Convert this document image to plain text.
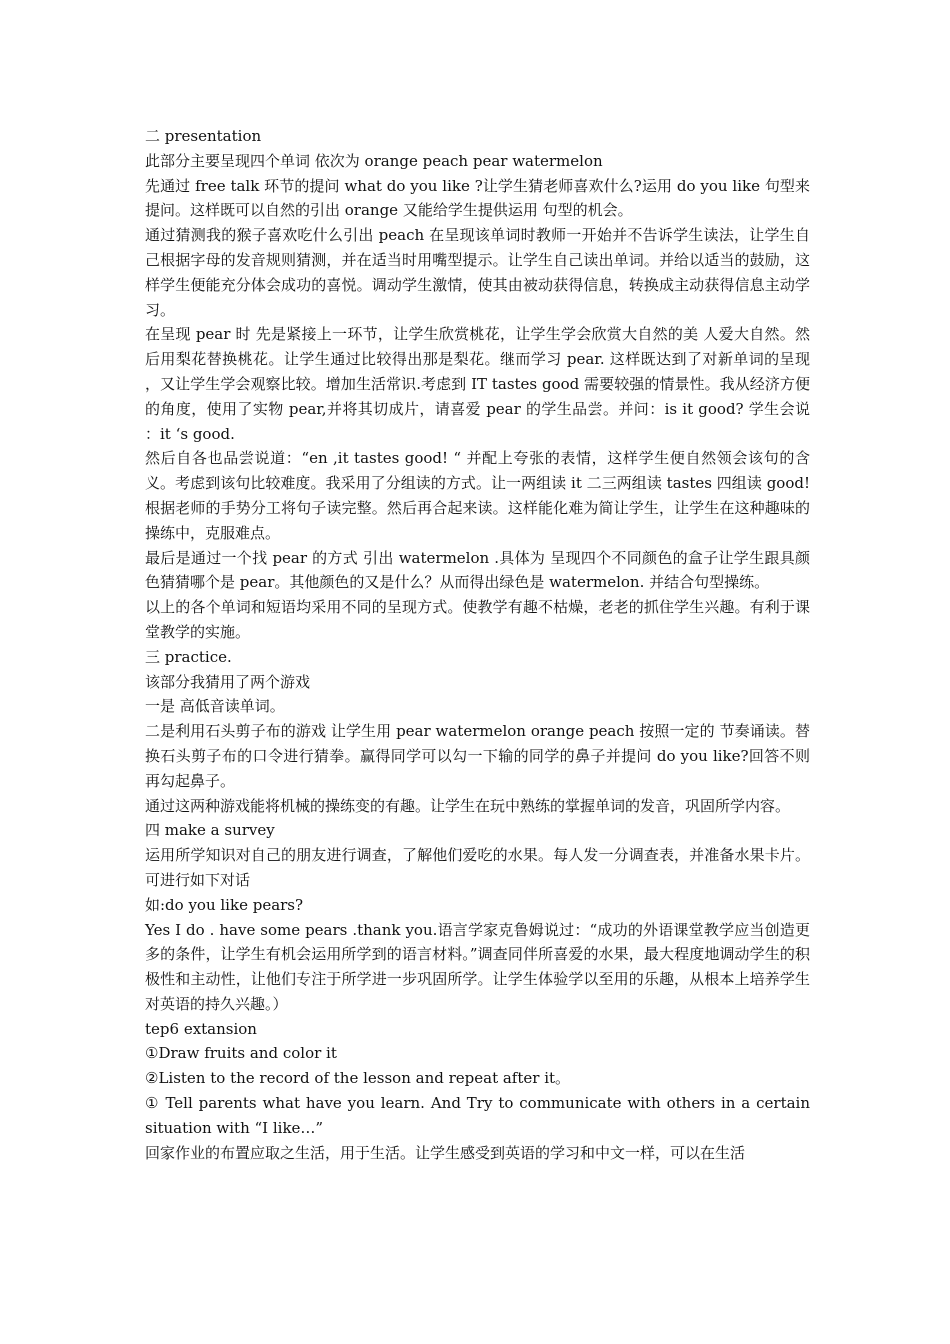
二 presentation

此部分主要呈现四个单词 依次为 orange peach pear watermelon

先通过 free talk 环节的提问 what do you like ?让学生猜老师喜欢什么?运用 do you like 句型来提问。这样既可以自然的引出 orange 又能给学生提供运用 句型的机会。

通过猜测我的猴子喜欢吃什么引出 peach 在呈现该单词时教师一开始并不告诉学生读法，让学生自己根据字母的发音规则猜测，并在适当时用嘴型提示。让学生自己读出单词。并给以适当的鼓励，这样学生便能充分体会成功的喜悦。调动学生激情，使其由被动获得信息，转换成主动获得信息主动学习。

在呈现 pear 时 先是紧接上一环节，让学生欣赏桃花，让学生学会欣赏大自然的美 人爱大自然。然后用梨花替换桃花。让学生通过比较得出那是梨花。继而学习 pear. 这样既达到了对新单词的呈现 ，又让学生学会观察比较。增加生活常识.考虑到 IT tastes good 需要较强的情景性。我从经济方便的角度，使用了实物 pear,并将其切成片，请喜爱 pear 的学生品尝。并问：is it good? 学生会说 ：it ‘s good.

然后自各也品尝说道：“en ,it tastes good! “ 并配上夸张的表情，这样学生便自然领会该句的含义。考虑到该句比较难度。我采用了分组读的方式。让一两组读 it 二三两组读 tastes 四组读 good! 根据老师的手势分工将句子读完整。然后再合起来读。这样能化难为简让学生，让学生在这种趣味的操练中，克服难点。

最后是通过一个找 pear 的方式 引出 watermelon .具体为 呈现四个不同颜色的盒子让学生跟具颜色猜猜哪个是 pear。其他颜色的又是什么？从而得出绿色是 watermelon. 并结合句型操练。

以上的各个单词和短语均采用不同的呈现方式。使教学有趣不枯燥，老老的抓住学生兴趣。有利于课堂教学的实施。

三 practice.

该部分我猜用了两个游戏

一是 高低音读单词。

二是利用石头剪子布的游戏 让学生用 pear watermelon orange peach 按照一定的 节奏诵读。替换石头剪子布的口令进行猜拳。赢得同学可以勾一下输的同学的鼻子并提问 do you like?回答不则 再勾起鼻子。

通过这两种游戏能将机械的操练变的有趣。让学生在玩中熟练的掌握单词的发音，巩固所学内容。

四 make a survey

运用所学知识对自己的朋友进行调查，了解他们爱吃的水果。每人发一分调查表，并准备水果卡片。可进行如下对话

如:do you like pears?

Yes I do . have some pears .thank you.语言学家克鲁姆说过：“成功的外语课堂教学应当创造更多的条件，让学生有机会运用所学到的语言材料。”调查同伴所喜爱的水果，最大程度地调动学生的积极性和主动性，让他们专注于所学进一步巩固所学。让学生体验学以至用的乐趣，从根本上培养学生对英语的持久兴趣。）

tep6 extansion

①Draw fruits and color it

②Listen to the record of the lesson and repeat after it。

① Tell parents what have you learn. And Try to communicate with others in a certain situation with “I like…”

回家作业的布置应取之生活，用于生活。让学生感受到英语的学习和中文一样，可以在生活
